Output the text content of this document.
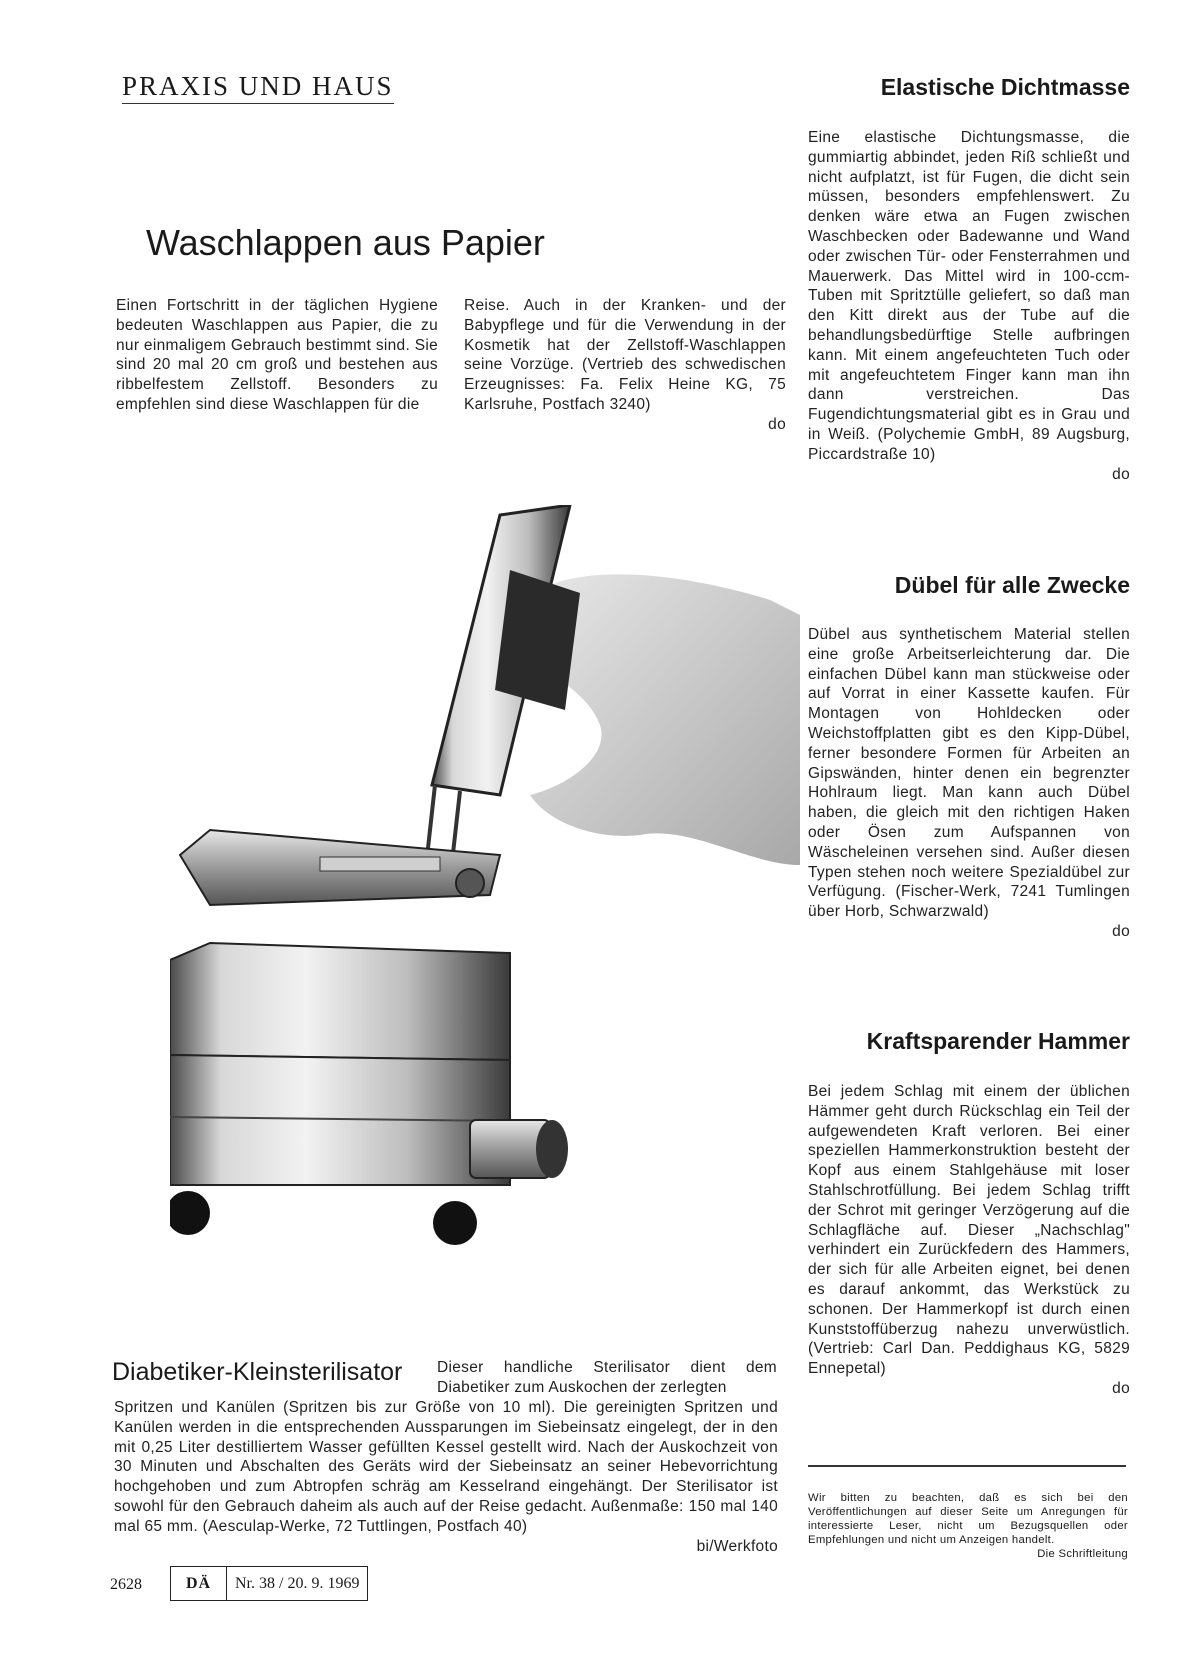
PRAXIS UND HAUS
Waschlappen aus Papier

Einen Fortschritt in der täglichen Hygiene bedeuten Waschlappen aus Papier, die zu nur einmaligem Gebrauch bestimmt sind. Sie sind 20 mal 20 cm groß und bestehen aus ribbelfestem Zellstoff. Besonders zu empfehlen sind diese Waschlappen für die

Reise. Auch in der Kranken- und der Babypflege und für die Verwendung in der Kosmetik hat der Zellstoff-Waschlappen seine Vorzüge. (Vertrieb des schwedischen Erzeugnisses: Fa. Felix Heine KG, 75 Karlsruhe, Postfach 3240)
do
Elastische Dichtmasse
Eine elastische Dichtungsmasse, die gummiartig abbindet, jeden Riß schließt und nicht aufplatzt, ist für Fugen, die dicht sein müssen, besonders empfehlenswert. Zu denken wäre etwa an Fugen zwischen Waschbecken oder Badewanne und Wand oder zwischen Tür- oder Fensterrahmen und Mauerwerk. Das Mittel wird in 100-ccm-Tuben mit Spritztülle geliefert, so daß man den Kitt direkt aus der Tube auf die behandlungsbedürftige Stelle aufbringen kann. Mit einem angefeuchteten Tuch oder mit angefeuchtetem Finger kann man ihn dann verstreichen. Das Fugendichtungsmaterial gibt es in Grau und in Weiß. (Polychemie GmbH, 89 Augsburg, Piccardstraße 10)
do
Dübel für alle Zwecke
Dübel aus synthetischem Material stellen eine große Arbeitserleichterung dar. Die einfachen Dübel kann man stückweise oder auf Vorrat in einer Kassette kaufen. Für Montagen von Hohldecken oder Weichstoffplatten gibt es den Kipp-Dübel, ferner besondere Formen für Arbeiten an Gipswänden, hinter denen ein begrenzter Hohlraum liegt. Man kann auch Dübel haben, die gleich mit den richtigen Haken oder Ösen zum Aufspannen von Wäscheleinen versehen sind. Außer diesen Typen stehen noch weitere Spezialdübel zur Verfügung. (Fischer-Werk, 7241 Tumlingen über Horb, Schwarzwald)
do
Kraftsparender Hammer
Bei jedem Schlag mit einem der üblichen Hämmer geht durch Rückschlag ein Teil der aufgewendeten Kraft verloren. Bei einer speziellen Hammerkonstruktion besteht der Kopf aus einem Stahlgehäuse mit loser Stahlschrotfüllung. Bei jedem Schlag trifft der Schrot mit geringer Verzögerung auf die Schlagfläche auf. Dieser „Nachschlag" verhindert ein Zurückfedern des Hammers, der sich für alle Arbeiten eignet, bei denen es darauf ankommt, das Werkstück zu schonen. Der Hammerkopf ist durch einen Kunststoffüberzug nahezu unverwüstlich. (Vertrieb: Carl Dan. Peddighaus KG, 5829 Ennepetal)
do
Diabetiker-Kleinsterilisator Dieser handliche Sterilisator dient dem Diabetiker zum Auskochen der zerlegten

Spritzen und Kanülen (Spritzen bis zur Größe von 10 ml). Die gereinigten Spritzen und Kanülen werden in die entsprechenden Aussparungen im Siebeinsatz eingelegt, der in den mit 0,25 Liter destilliertem Wasser gefüllten Kessel gestellt wird. Nach der Auskochzeit von 30 Minuten und Abschalten des Geräts wird der Siebeinsatz an seiner Hebevorrichtung hochgehoben und zum Abtropfen schräg am Kesselrand eingehängt. Der Sterilisator ist sowohl für den Gebrauch daheim als auch auf der Reise gedacht. Außenmaße: 150 mal 140 mal 65 mm. (Aesculap-Werke, 72 Tuttlingen, Postfach 40)
bi/Werkfoto
Wir bitten zu beachten, daß es sich bei den Veröffentlichungen auf dieser Seite um Anregungen für interessierte Leser, nicht um Bezugsquellen oder Empfehlungen und nicht um Anzeigen handelt.
Die Schriftleitung
2628	DÄ	Nr. 38 / 20. 9. 1969
